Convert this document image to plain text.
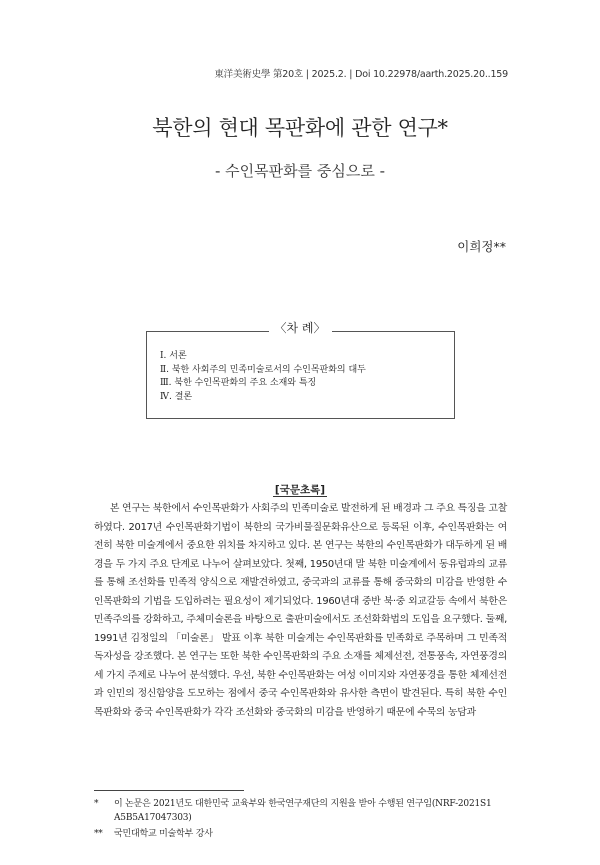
東洋美術史學 第20호 | 2025.2. | Doi 10.22978/aarth.2025.20..159
북한의 현대 목판화에 관한 연구*
- 수인목판화를 중심으로 -
이희정**
〈차 례〉
Ⅰ. 서론
Ⅱ. 북한 사회주의 민족미술로서의 수인목판화의 대두
Ⅲ. 북한 수인목판화의 주요 소재와 특징
Ⅳ. 결론
[국문초록]

본 연구는 북한에서 수인목판화가 사회주의 민족미술로 발전하게 된 배경과 그 주요 특징을 고찰하였다. 2017년 수인목판화기법이 북한의 국가비물질문화유산으로 등록된 이후, 수인목판화는 여전히 북한 미술계에서 중요한 위치를 차지하고 있다. 본 연구는 북한의 수인목판화가 대두하게 된 배경을 두 가지 주요 단계로 나누어 살펴보았다. 첫째, 1950년대 말 북한 미술계에서 동유럽과의 교류를 통해 조선화를 민족적 양식으로 재발견하였고, 중국과의 교류를 통해 중국화의 미감을 반영한 수인목판화의 기법을 도입하려는 필요성이 제기되었다. 1960년대 중반 북·중 외교갈등 속에서 북한은 민족주의를 강화하고, 주체미술론을 바탕으로 출판미술에서도 조선화화법의 도입을 요구했다. 둘째, 1991년 김정일의 「미술론」 발표 이후 북한 미술계는 수인목판화를 민족화로 주목하며 그 민족적 독자성을 강조했다. 본 연구는 또한 북한 수인목판화의 주요 소재를 체제선전, 전통풍속, 자연풍경의 세 가지 주제로 나누어 분석했다. 우선, 북한 수인목판화는 여성 이미지와 자연풍경을 통한 체제선전과 인민의 정신함양을 도모하는 점에서 중국 수인목판화와 유사한 측면이 발견된다. 특히 북한 수인목판화와 중국 수인목판화가 각각 조선화와 중국화의 미감을 반영하기 때문에 수묵의 농담과

* 이 논문은 2021년도 대한민국 교육부와 한국연구재단의 지원을 받아 수행된 연구임(NRF-2021S1
A5B5A17047303)
** 국민대학교 미술학부 강사
